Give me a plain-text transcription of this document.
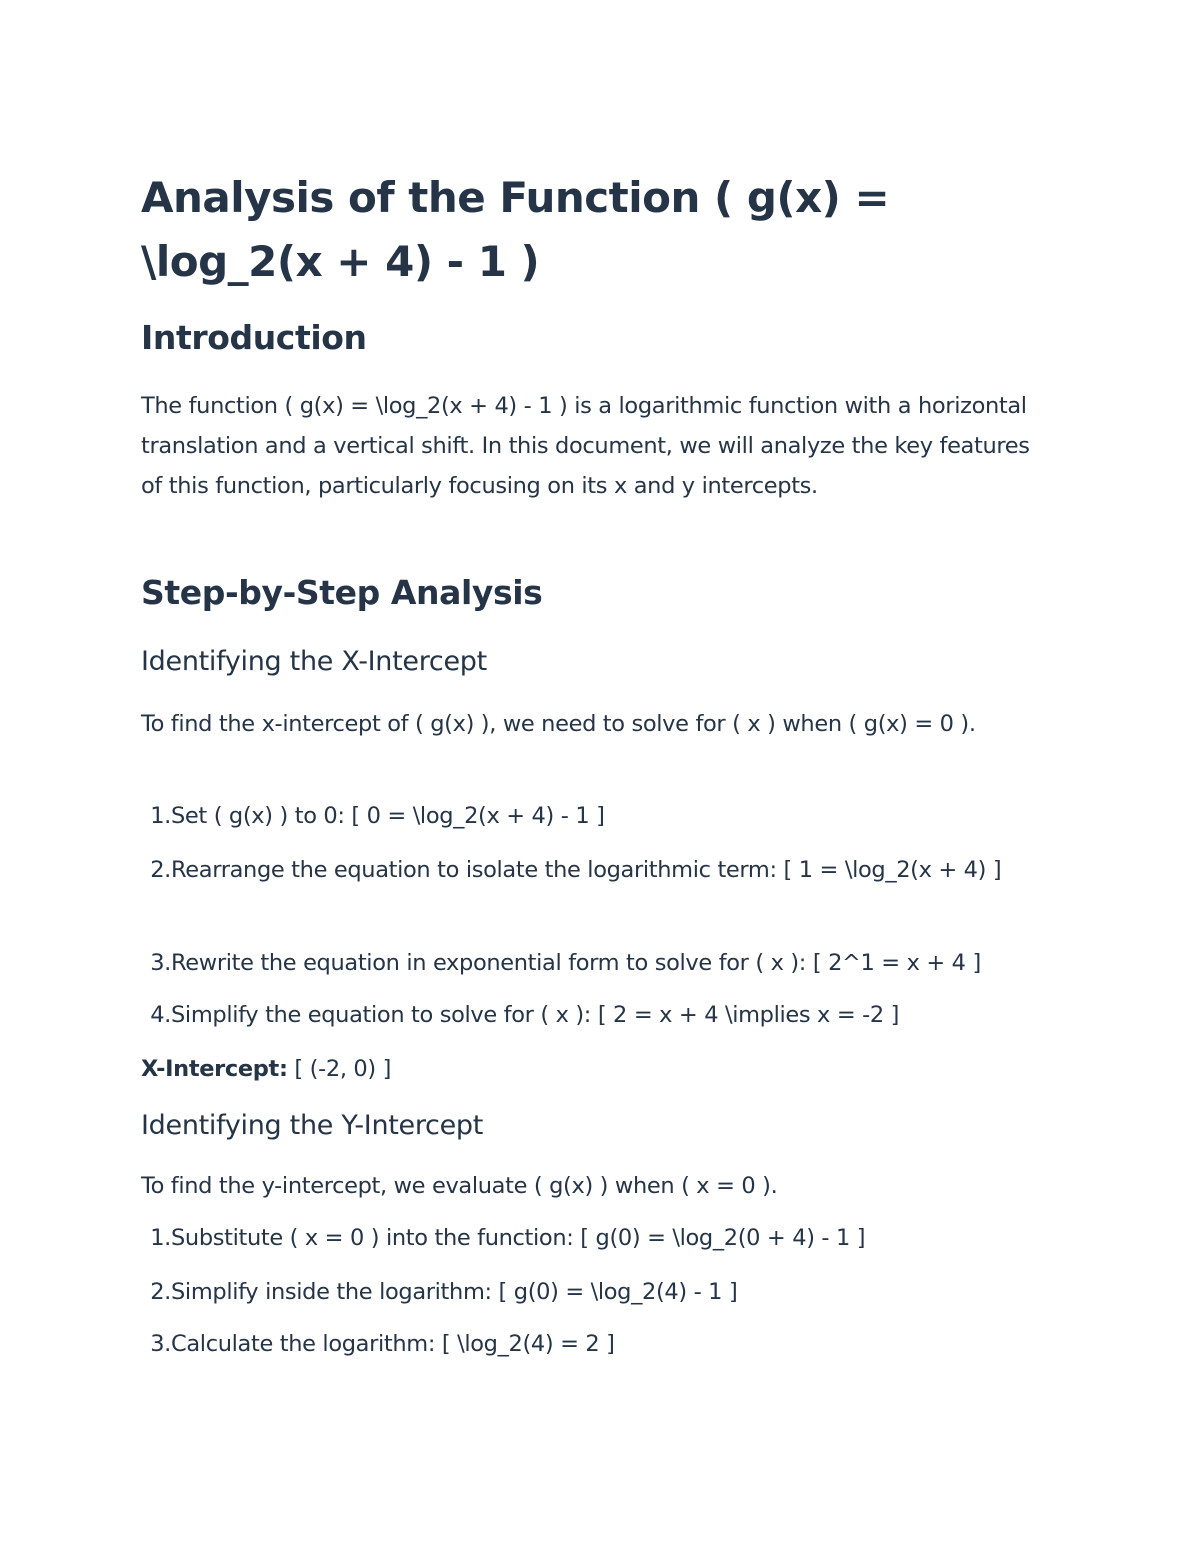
Analysis of the Function ( g(x) = \log_2(x + 4) - 1 )
Introduction

The function ( g(x) = \log_2(x + 4) - 1 ) is a logarithmic function with a horizontal translation and a vertical shift. In this document, we will analyze the key features of this function, particularly focusing on its x and y intercepts.

Step-by-Step Analysis
Identifying the X-Intercept

To find the x-intercept of ( g(x) ), we need to solve for ( x ) when ( g(x) = 0 ).

1. Set ( g(x) ) to 0: [ 0 = \log_2(x + 4) - 1 ]
2. Rearrange the equation to isolate the logarithmic term: [ 1 = \log_2(x + 4) ]
3. Rewrite the equation in exponential form to solve for ( x ): [ 2^1 = x + 4 ]
4. Simplify the equation to solve for ( x ): [ 2 = x + 4 \implies x = -2 ]

X-Intercept: [ (-2, 0) ]

Identifying the Y-Intercept

To find the y-intercept, we evaluate ( g(x) ) when ( x = 0 ).

1. Substitute ( x = 0 ) into the function: [ g(0) = \log_2(0 + 4) - 1 ]
2. Simplify inside the logarithm: [ g(0) = \log_2(4) - 1 ]
3. Calculate the logarithm: [ \log_2(4) = 2 ]
